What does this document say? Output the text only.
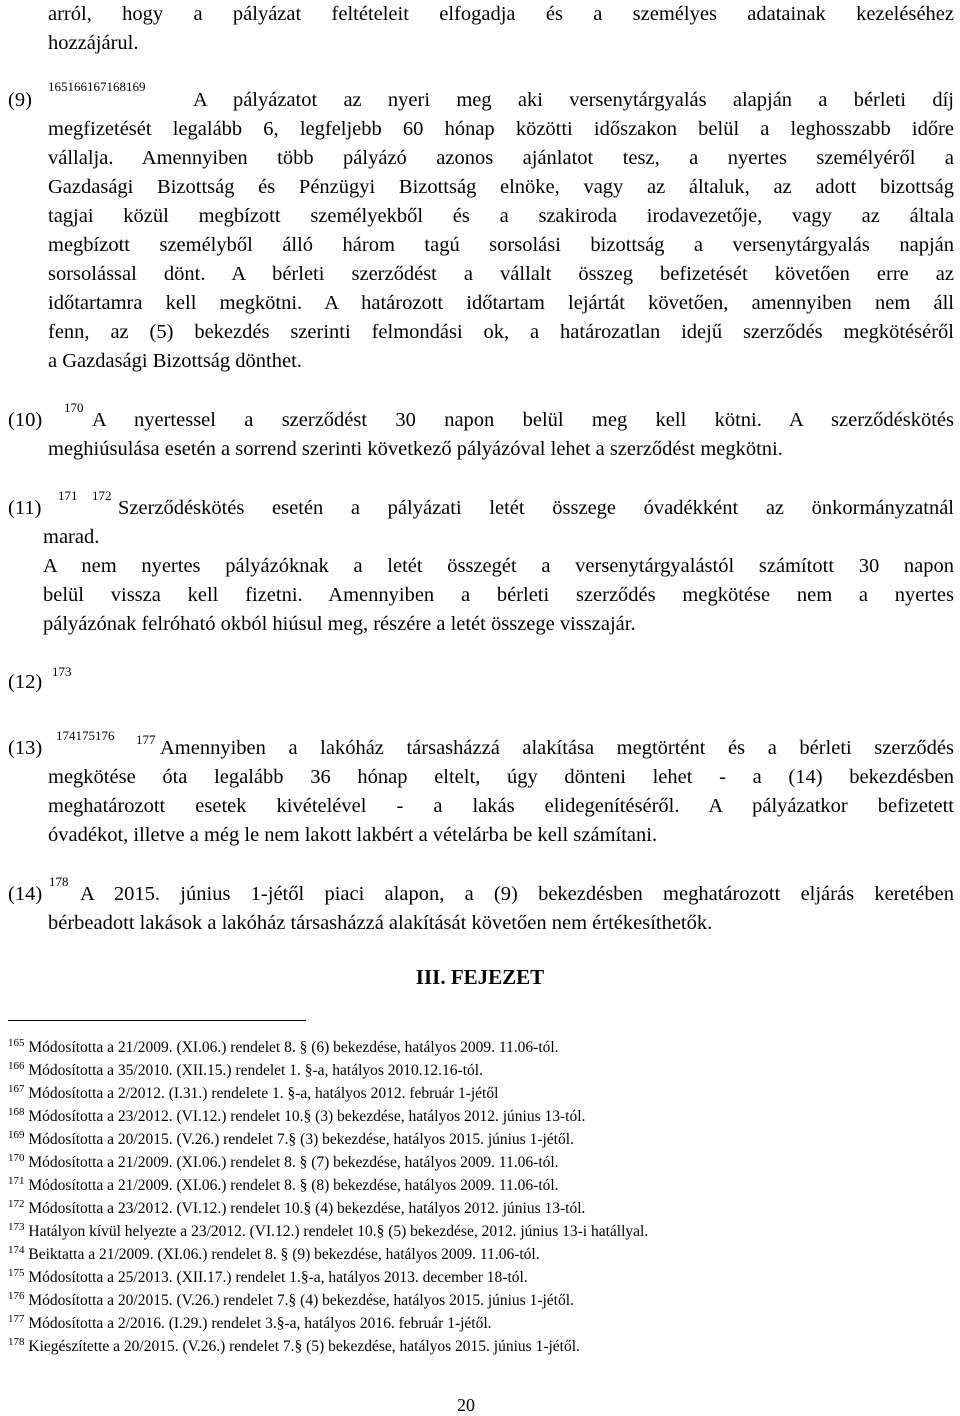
arról, hogy a pályázat feltételeit elfogadja és a személyes adatainak kezeléséhez
hozzájárul.
(9)
165166167168169
A pályázatot az nyeri meg aki versenytárgyalás alapján a bérleti díj
megfizetését legalább 6, legfeljebb 60 hónap közötti időszakon belül a leghosszabb időre
vállalja. Amennyiben több pályázó azonos ajánlatot tesz, a nyertes személyéről a
Gazdasági Bizottság és Pénzügyi Bizottság elnöke, vagy az általuk, az adott bizottság
tagjai közül megbízott személyekből és a szakiroda irodavezetője, vagy az általa
megbízott személyből álló három tagú sorsolási bizottság a versenytárgyalás napján
sorsolással dönt. A bérleti szerződést a vállalt összeg befizetését követően erre az
időtartamra kell megkötni. A határozott időtartam lejártát követően, amennyiben nem áll
fenn, az (5) bekezdés szerinti felmondási ok, a határozatlan idejű szerződés megkötéséről
a Gazdasági Bizottság dönthet.
(10)
170
A nyertessel a szerződést 30 napon belül meg kell kötni. A szerződéskötés
meghiúsulása esetén a sorrend szerinti következő pályázóval lehet a szerződést megkötni.
(11)
171 172
Szerződéskötés esetén a pályázati letét összege óvadékként az önkormányzatnál
marad.
A nem nyertes pályázóknak a letét összegét a versenytárgyalástól számított 30 napon
belül vissza kell fizetni. Amennyiben a bérleti szerződés megkötése nem a nyertes
pályázónak felróható okból hiúsul meg, részére a letét összege visszajár.
(12) 173
(13)
174175176 177 Amennyiben a lakóház társasházzá alakítása megtörtént és a bérleti szerződés
megkötése óta legalább 36 hónap eltelt, úgy dönteni lehet - a (14) bekezdésben
meghatározott esetek kivételével - a lakás elidegenítéséről. A pályázatkor befizetett
óvadékot, illetve a még le nem lakott lakbért a vételárba be kell számítani.
(14)
178
A 2015. június 1-jétől piaci alapon, a (9) bekezdésben meghatározott eljárás keretében
bérbeadott lakások a lakóház társasházzá alakítását követően nem értékesíthetők.
III. FEJEZET
$^{165}$ Módosította a 21/2009. (XI.06.) rendelet 8. § (6) bekezdése, hatályos 2009. 11.06-tól.
$^{166}$ Módosította a 35/2010. (XII.15.) rendelet 1. §-a, hatályos 2010.12.16-tól.
$^{167}$ Módosította a 2/2012. (I.31.) rendelete 1. §-a, hatályos 2012. február 1-jétől
$^{168}$ Módosította a 23/2012. (VI.12.) rendelet 10.§ (3) bekezdése, hatályos 2012. június 13-tól.
$^{169}$ Módosította a 20/2015. (V.26.) rendelet 7.§ (3) bekezdése, hatályos 2015. június 1-jétől.
$^{170}$ Módosította a 21/2009. (XI.06.) rendelet 8. § (7) bekezdése, hatályos 2009. 11.06-tól.
$^{171}$ Módosította a 21/2009. (XI.06.) rendelet 8. § (8) bekezdése, hatályos 2009. 11.06-tól.
$^{172}$ Módosította a 23/2012. (VI.12.) rendelet 10.§ (4) bekezdése, hatályos 2012. június 13-tól.
$^{173}$ Hatályon kívül helyezte a 23/2012. (VI.12.) rendelet 10.§ (5) bekezdése, 2012. június 13-i hatállyal.
$^{174}$ Beiktatta a 21/2009. (XI.06.) rendelet 8. § (9) bekezdése, hatályos 2009. 11.06-tól.
$^{175}$ Módosította a 25/2013. (XII.17.) rendelet 1.§-a, hatályos 2013. december 18-tól.
$^{176}$ Módosította a 20/2015. (V.26.) rendelet 7.§ (4) bekezdése, hatályos 2015. június 1-jétől.
$^{177}$ Módosította a 2/2016. (I.29.) rendelet 3.§-a, hatályos 2016. február 1-jétől.
$^{178}$ Kiegészítette a 20/2015. (V.26.) rendelet 7.§ (5) bekezdése, hatályos 2015. június 1-jétől.
20
